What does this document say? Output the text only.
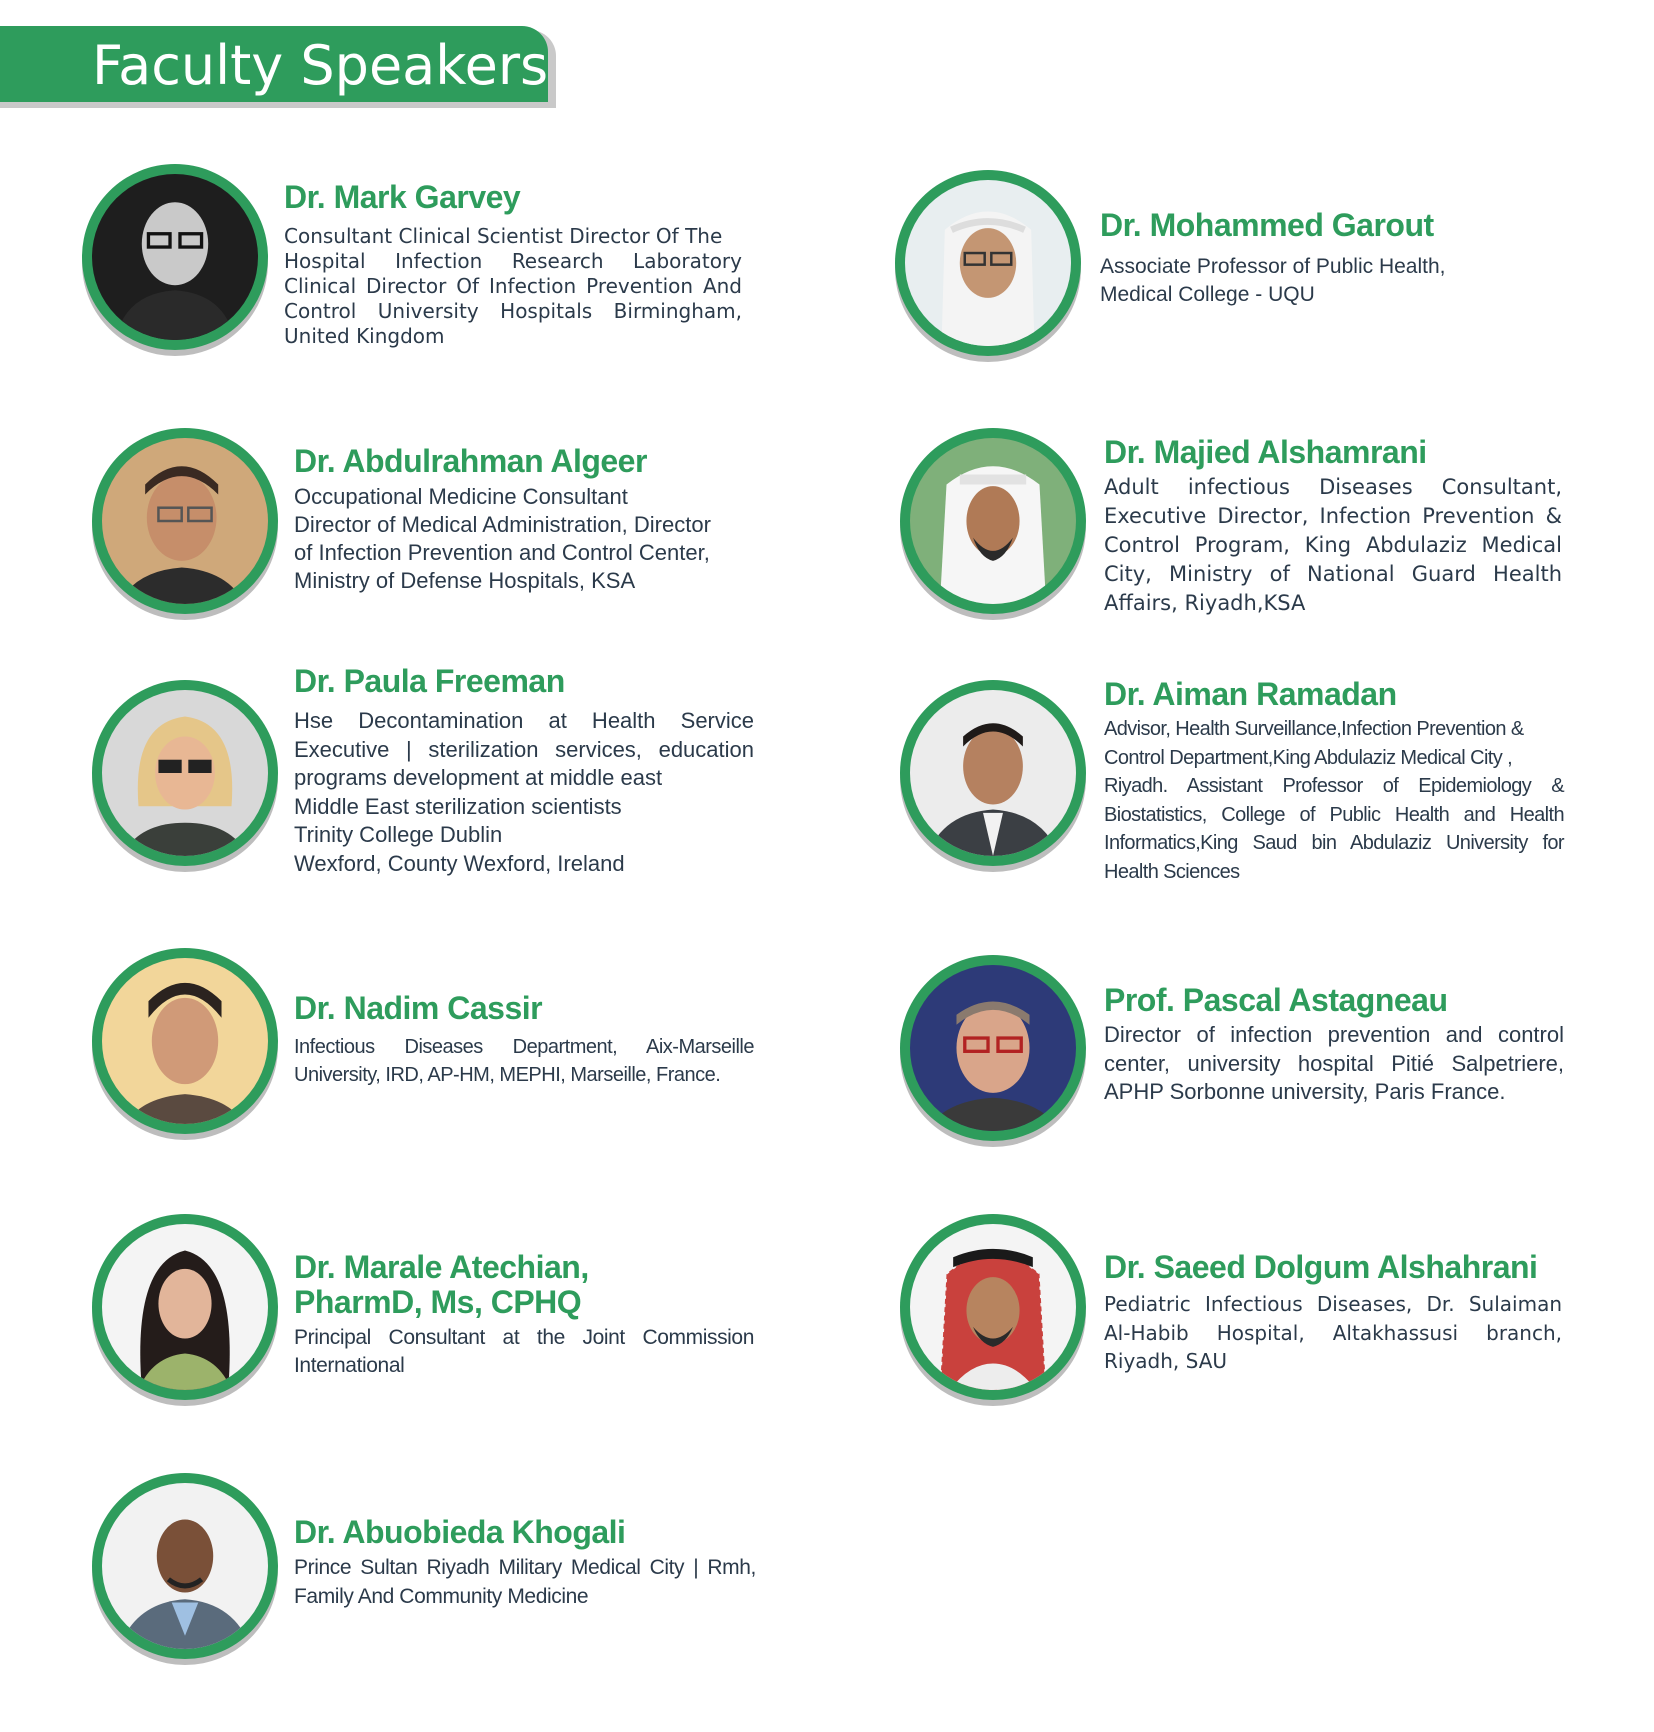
Faculty Speakers
Dr. Mark Garvey
Consultant Clinical Scientist Director Of The
Hospital Infection Research Laboratory
Clinical Director Of Infection Prevention And
Control University Hospitals Birmingham,
United Kingdom
Dr. Mohammed Garout
Associate Professor of Public Health,
Medical College - UQU
Dr. Abdulrahman Algeer
Occupational Medicine Consultant
Director of Medical Administration, Director
of Infection Prevention and Control Center,
Ministry of Defense Hospitals, KSA
Dr. Majied Alshamrani
Adult infectious Diseases Consultant,
Executive Director, Infection Prevention &
Control Program, King Abdulaziz Medical
City, Ministry of National Guard Health
Affairs, Riyadh,KSA
Dr. Paula Freeman
Hse Decontamination at Health Service
Executive | sterilization services, education
programs development at middle east
Middle East sterilization scientists
Trinity College Dublin
Wexford, County Wexford, Ireland
Dr. Aiman Ramadan
Advisor, Health Surveillance,Infection Prevention &
Control Department,King Abdulaziz Medical City ,
Riyadh. Assistant Professor of Epidemiology &
Biostatistics, College of Public Health and Health
Informatics,King Saud bin Abdulaziz University for
Health Sciences
Dr. Nadim Cassir
Infectious Diseases Department, Aix-Marseille
University, IRD, AP-HM, MEPHI, Marseille, France.
Prof. Pascal Astagneau
Director of infection prevention and control
center, university hospital Pitié Salpetriere,
APHP Sorbonne university, Paris France.
Dr. Marale Atechian,
PharmD, Ms, CPHQ
Principal Consultant at the Joint Commission
International
Dr. Saeed Dolgum Alshahrani
Pediatric Infectious Diseases, Dr. Sulaiman
Al-Habib Hospital, Altakhassusi branch,
Riyadh, SAU
Dr. Abuobieda Khogali
Prince Sultan Riyadh Military Medical City | Rmh,
Family And Community Medicine
